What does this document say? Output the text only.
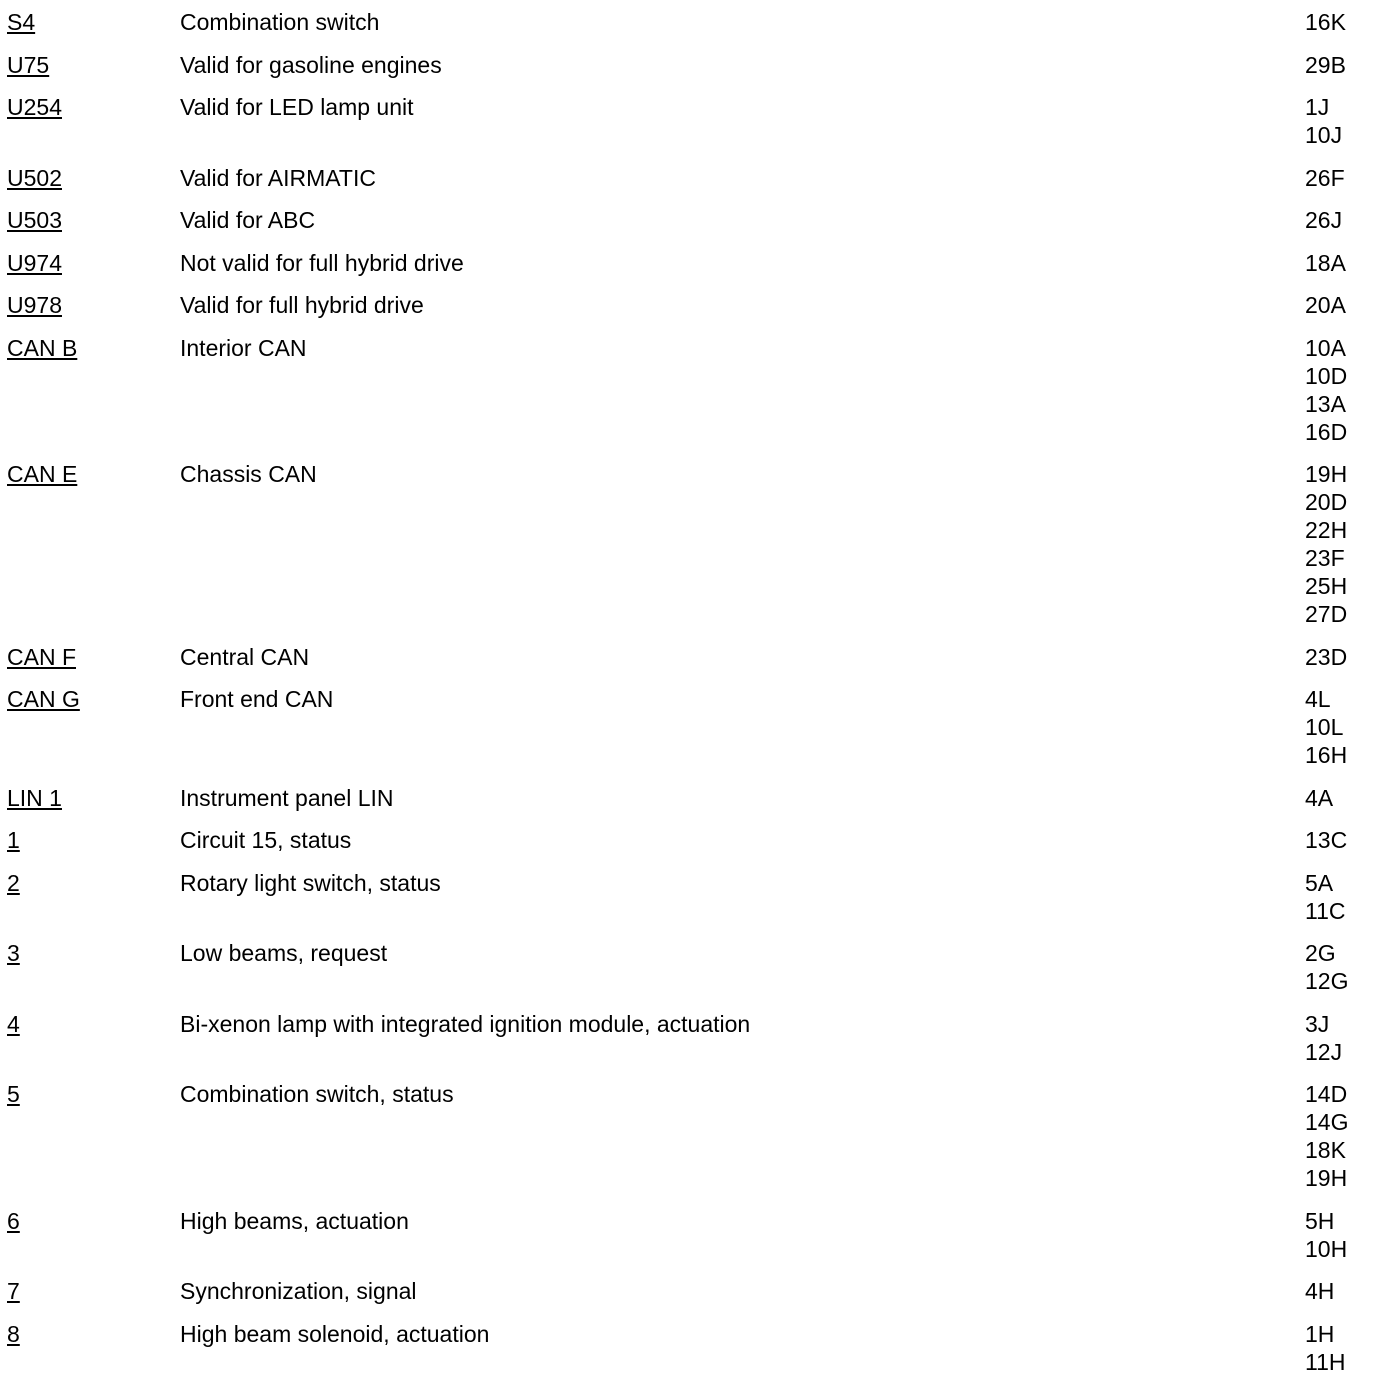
S4	Combination switch	16K
U75	Valid for gasoline engines	29B
U254	Valid for LED lamp unit	1J
10J
U502	Valid for AIRMATIC	26F
U503	Valid for ABC	26J
U974	Not valid for full hybrid drive	18A
U978	Valid for full hybrid drive	20A
CAN B	Interior CAN	10A
10D
13A
16D
CAN E	Chassis CAN	19H
20D
22H
23F
25H
27D
CAN F	Central CAN	23D
CAN G	Front end CAN	4L
10L
16H
LIN 1	Instrument panel LIN	4A
1	Circuit 15, status	13C
2	Rotary light switch, status	5A
11C
3	Low beams, request	2G
12G
4	Bi-xenon lamp with integrated ignition module, actuation	3J
12J
5	Combination switch, status	14D
14G
18K
19H
6	High beams, actuation	5H
10H
7	Synchronization, signal	4H
8	High beam solenoid, actuation	1H
11H
